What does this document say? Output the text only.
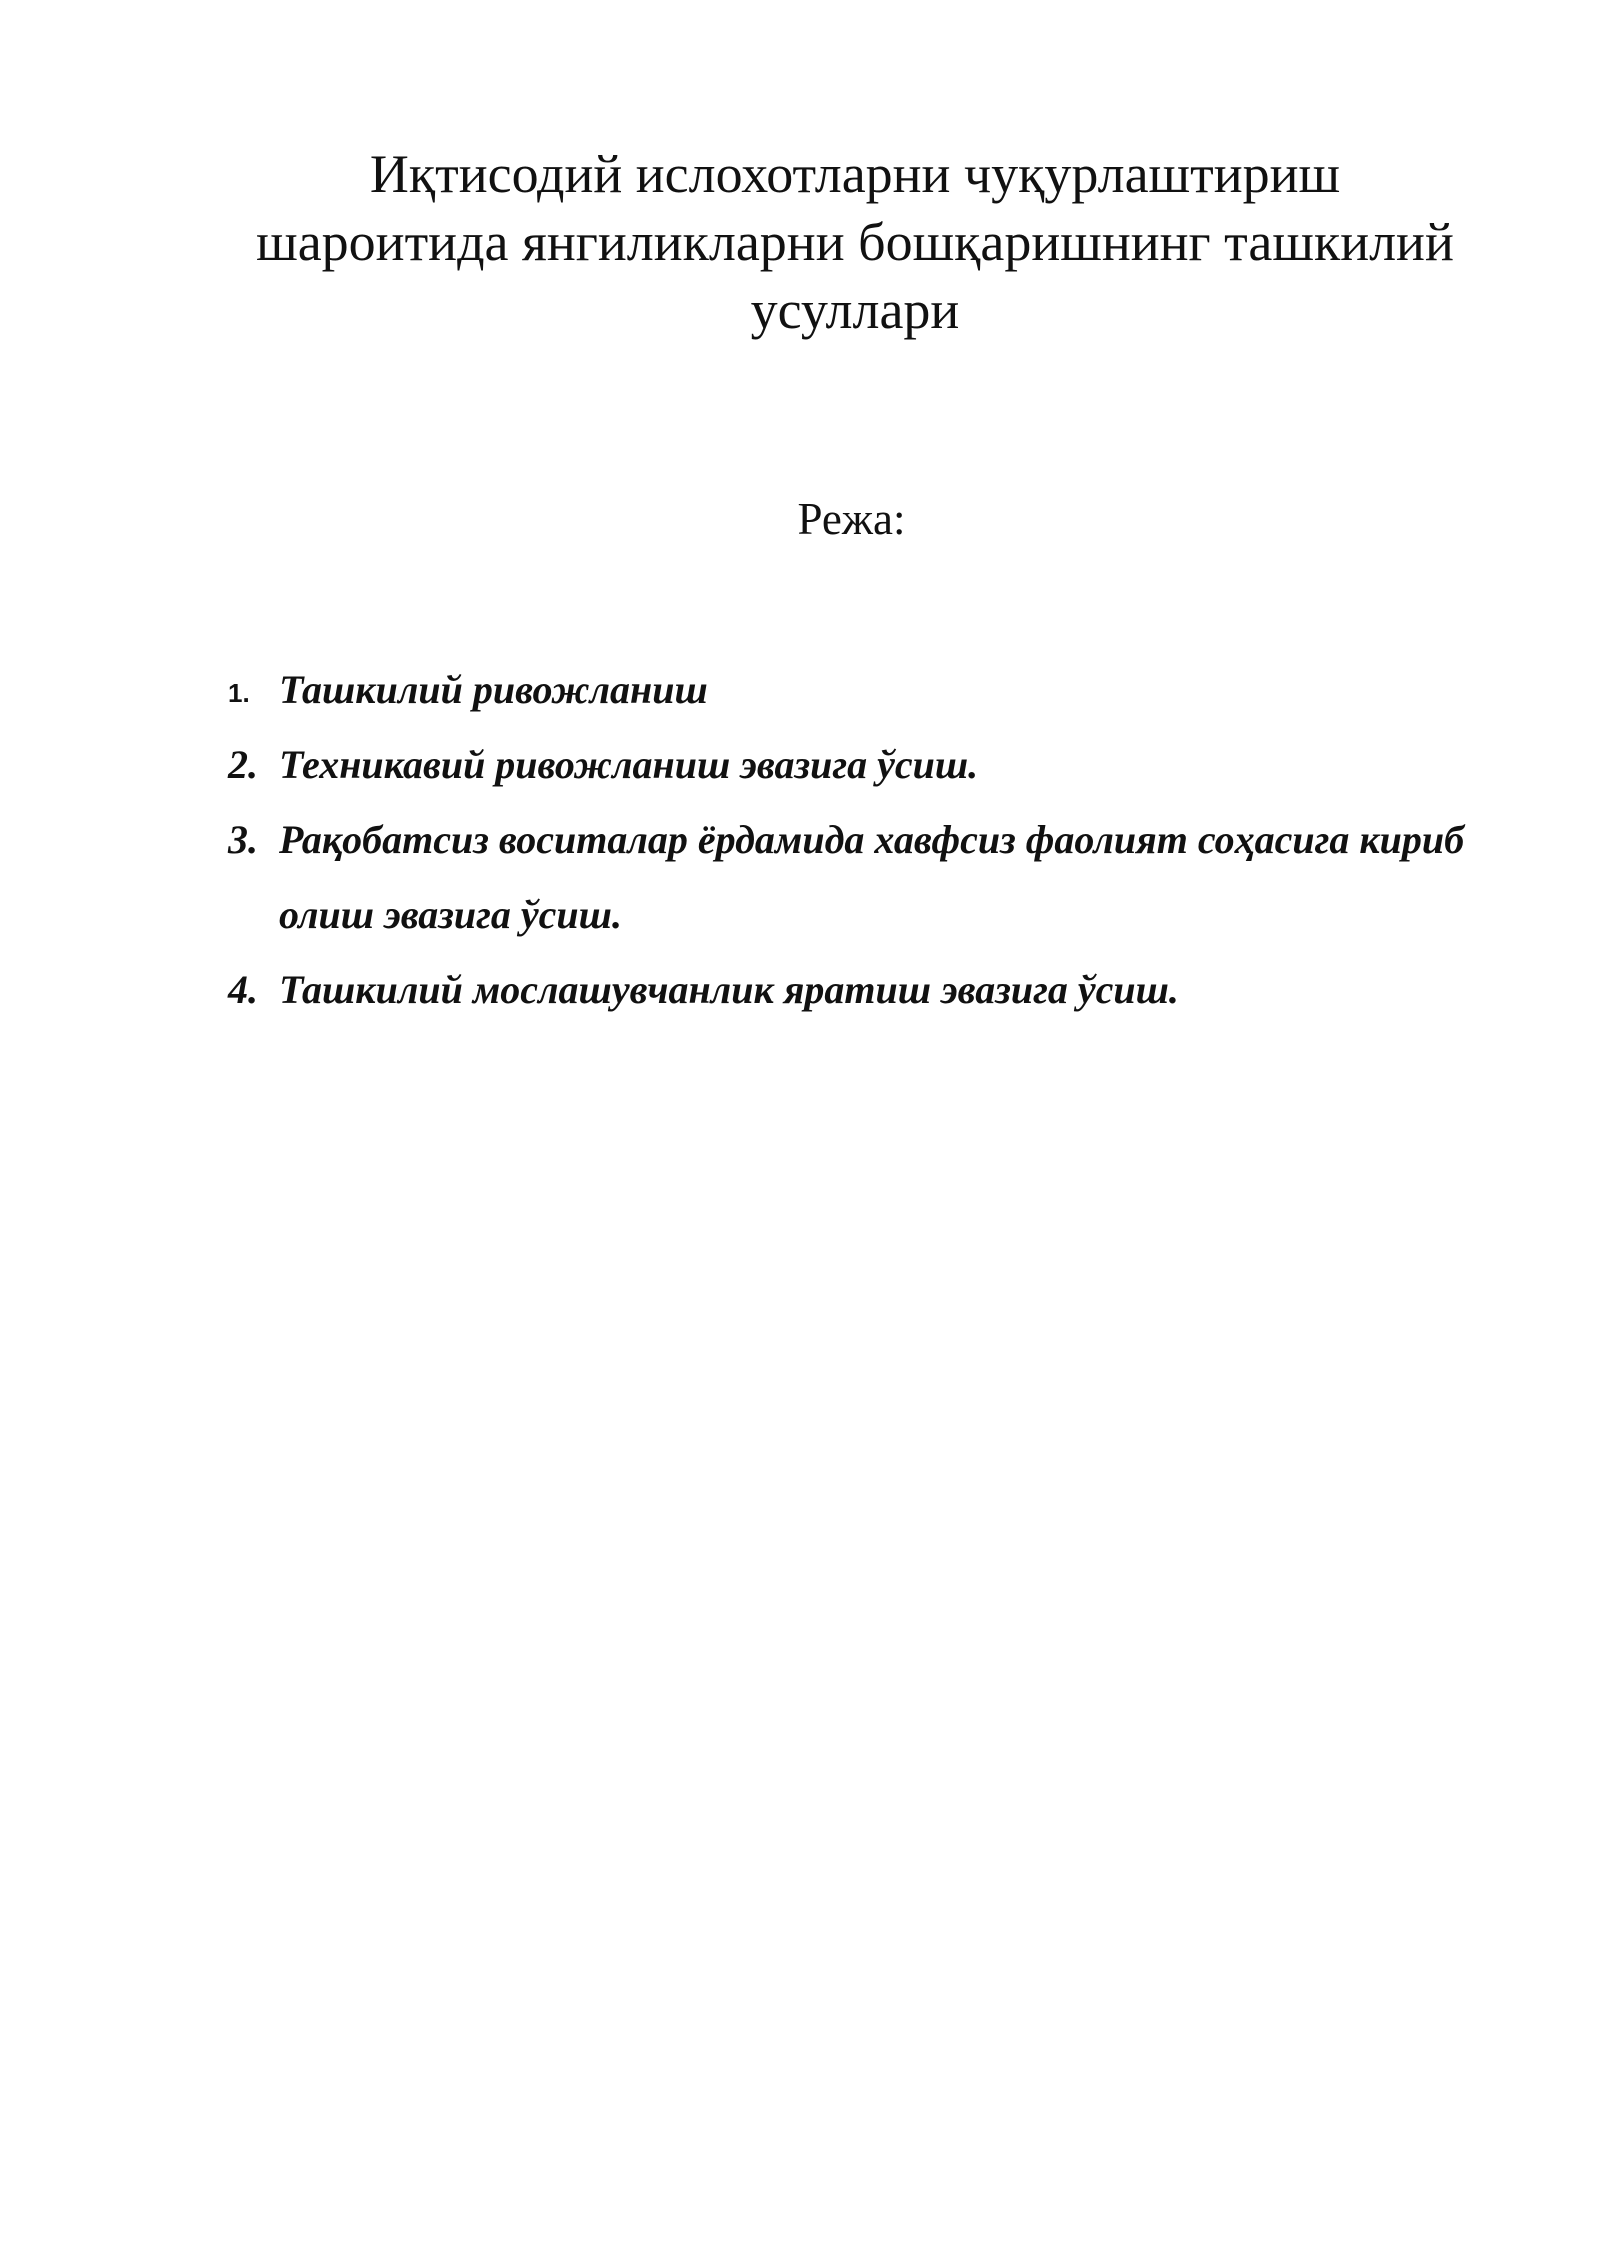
Иқтисодий ислохотларни чуқурлаштириш
шароитида янгиликларни бошқаришнинг ташкилий
усуллари
Режа:
1. Ташкилий ривожланиш
2. Техникавий ривожланиш эвазига ўсиш.
3. Рақобатсиз воситалар ёрдамида хавфсиз фаолият соҳасига кириб олиш эвазига ўсиш.
4. Ташкилий мослашувчанлик яратиш эвазига ўсиш.
